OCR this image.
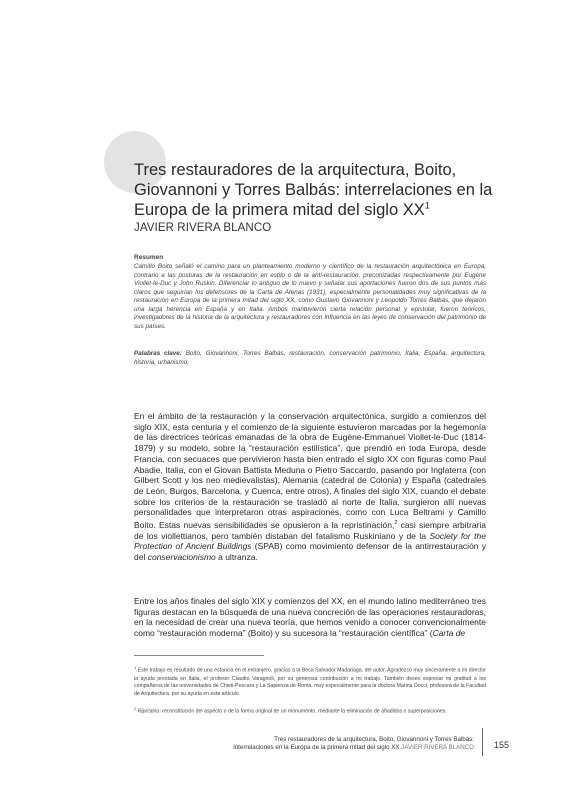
Tres restauradores de la arquitectura, Boito, Giovannoni y Torres Balbás: interrelaciones en la Europa de la primera mitad del siglo $XX^1$
JAVIER RIVERA BLANCO
Resumen

Camillo Boito señaló el camino para un planteamiento moderno y científico de la restauración arquitectónica en Europa, contrario a las posturas de la restauración en estilo o de la anti-restauración, preconizadas respectivamente por Eugène Viollet-le-Duc y John Ruskin. Diferenciar lo antiguo de lo nuevo y señalar sus aportaciones fueron dos de sus puntos más claros que seguirían los defensores de la Carta de Atenas (1931), especialmente personalidades muy significativas de la restauración en Europa de la primera mitad del siglo XX, como Gustavo Giovannoni y Leopoldo Torres Balbás, que dejaron una larga herencia en España y en Italia. Ambos mantuvieron cierta relación personal y epistolar, fueron teóricos, investigadores de la historia de la arquitectura y restauradores con influencia en las leyes de conservación del patrimonio de sus países.

Palabras clave: Boito, Giovannoni, Torres Balbás, restauración, conservación patrimonio, Italia, España, arquitectura, historia, urbanismo.

En el ámbito de la restauración y la conservación arquitectónica, surgido a comienzos del siglo XIX, esta centuria y el comienzo de la siguiente estuvieron marcadas por la hegemonía de las directrices teóricas emanadas de la obra de Eugène-Emmanuel Viollet-le-Duc (1814-1879) y su modelo, sobre la “restauración estilística”, que prendió en toda Europa, desde Francia, con secuaces que pervivieron hasta bien entrado el siglo XX con figuras como Paul Abadie, Italia, con el Giovan Battista Meduna o Pietro Saccardo, pasando por Inglaterra (con Gilbert Scott y los neo medievalistas), Alemania (catedral de Colonia) y España (catedrales de León, Burgos, Barcelona, y Cuenca, entre otros). A finales del siglo XIX, cuando el debate sobre los criterios de la restauración se trasladó al norte de Italia, surgieron allí nuevas personalidades que interpretaron otras aspiraciones, como con Luca Beltrami y Camillo Boito. Estas nuevas sensibilidades se opusieron a la repristinación,$^2$ casi siempre arbitraria de los viollettianos, pero también distaban del fatalismo Ruskiniano y de la Society for the Protection of Ancient Buildings (SPAB) como movimiento defensor de la antirrestauración y del conservacionismo a ultranza.

Entre los años finales del siglo XIX y comienzos del XX, en el mundo latino mediterráneo tres figuras destacan en la búsqueda de una nueva concreción de las operaciones restauradoras, en la necesidad de crear una nueva teoría, que hemos venido a conocer convencionalmente como “restauración moderna” (Boito) y su sucesora la “restauración científica” (Carta de

$^1$ Este trabajo es resultado de una estancia en el extranjero, gracias a la Beca Salvador Madariaga, del autor. Agradezco muy sinceramente a mi director la ayuda prestada en Italia, el profesor Claudio Varagnoli, por su generosa contribución a mi trabajo. También deseo expresar mi gratitud a los compañeros de las universidades de Chieti-Pescara y La Sapienza de Roma, muy especialmente para la doctora Marina Docci, profesora de la Facultad de Arquitectura, por su ayuda en este artículo.

$^2$ Ripristino: reconstitución del aspecto o de la forma original de un monumento, mediante la eliminación de añadidos o superposiciones.

Tres restauradores de la arquitectura, Boito, Giovannoni y Torres Balbás:
interrelaciones en la Europa de la primera mitad del siglo XX JAVIER RIVERA BLANCO 155
